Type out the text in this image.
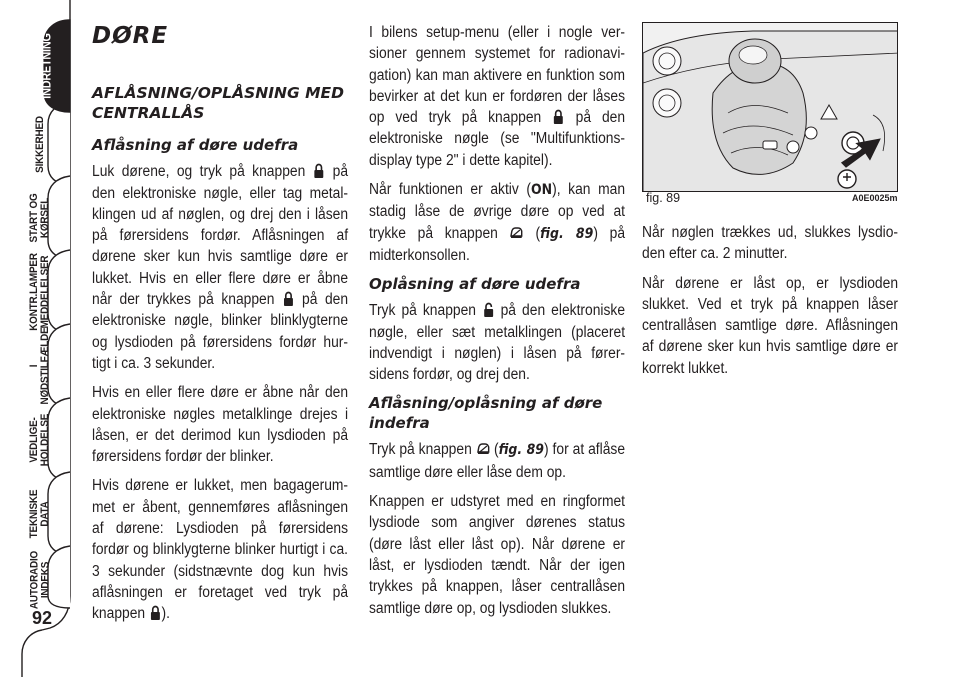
BILENS
INDRETNING
SIKKERHED
START OG
KØRSEL
KONTR.LAMPER
MEDDELELSER
I NØDSTILFÆLDE
VEDLIGE-
HOLDELSE
TEKNISKE DATA
AUTORADIO
INDEKS
92
DØRE
AFLÅSNING/OPLÅSNING MED CENTRALLÅS
Aflåsning af døre udefra

Luk dørene, og tryk på knappen på den elektroniske nøgle, eller tag metal-klingen ud af nøglen, og drej den i låsen på førersidens fordør. Aflåsningen af dørene sker kun hvis samtlige døre er lukket. Hvis en eller flere døre er åbne når der trykkes på knappen på den elektroniske nøgle, blinker blinklygterne og lysdioden på førersidens fordør hur-tigt i ca. 3 sekunder.

Hvis en eller flere døre er åbne når den elektroniske nøgles metalklinge drejes i låsen, er det derimod kun lysdioden på førersidens fordør der blinker.

Hvis dørene er lukket, men bagagerum-met er åbent, gennemføres aflåsningen af dørene: Lysdioden på førersidens fordør og blinklygterne blinker hurtigt i ca. 3 sekunder (sidstnævnte dog kun hvis aflåsningen er foretaget ved tryk på knappen ).

I bilens setup-menu (eller i nogle ver-sioner gennem systemet for radionavi-gation) kan man aktivere en funktion som bevirker at det kun er fordøren der låses op ved tryk på knappen på den elektroniske nøgle (se "Multifunktions-display type 2" i dette kapitel).

Når funktionen er aktiv (ON), kan man stadig låse de øvrige døre op ved at trykke på knappen  (fig. 89) på midterkonsollen.

Oplåsning af døre udefra

Tryk på knappen på den elektroniske nøgle, eller sæt metalklingen (placeret indvendigt i nøglen) i låsen på fører-sidens fordør, og drej den.

Aflåsning/oplåsning af døre indefra

Tryk på knappen  (fig. 89) for at aflåse samtlige døre eller låse dem op.

Knappen er udstyret med en ringformet lysdiode som angiver dørenes status (døre låst eller låst op). Når dørene er låst, er lysdioden tændt. Når der igen trykkes på knappen, låser centrallåsen samtlige døre op, og lysdioden slukkes.

fig. 89	A0E0025m

Når nøglen trækkes ud, slukkes lysdio-den efter ca. 2 minutter.

Når dørene er låst op, er lysdioden slukket. Ved et tryk på knappen låser centrallåsen samtlige døre. Aflåsningen af dørene sker kun hvis samtlige døre er korrekt lukket.
